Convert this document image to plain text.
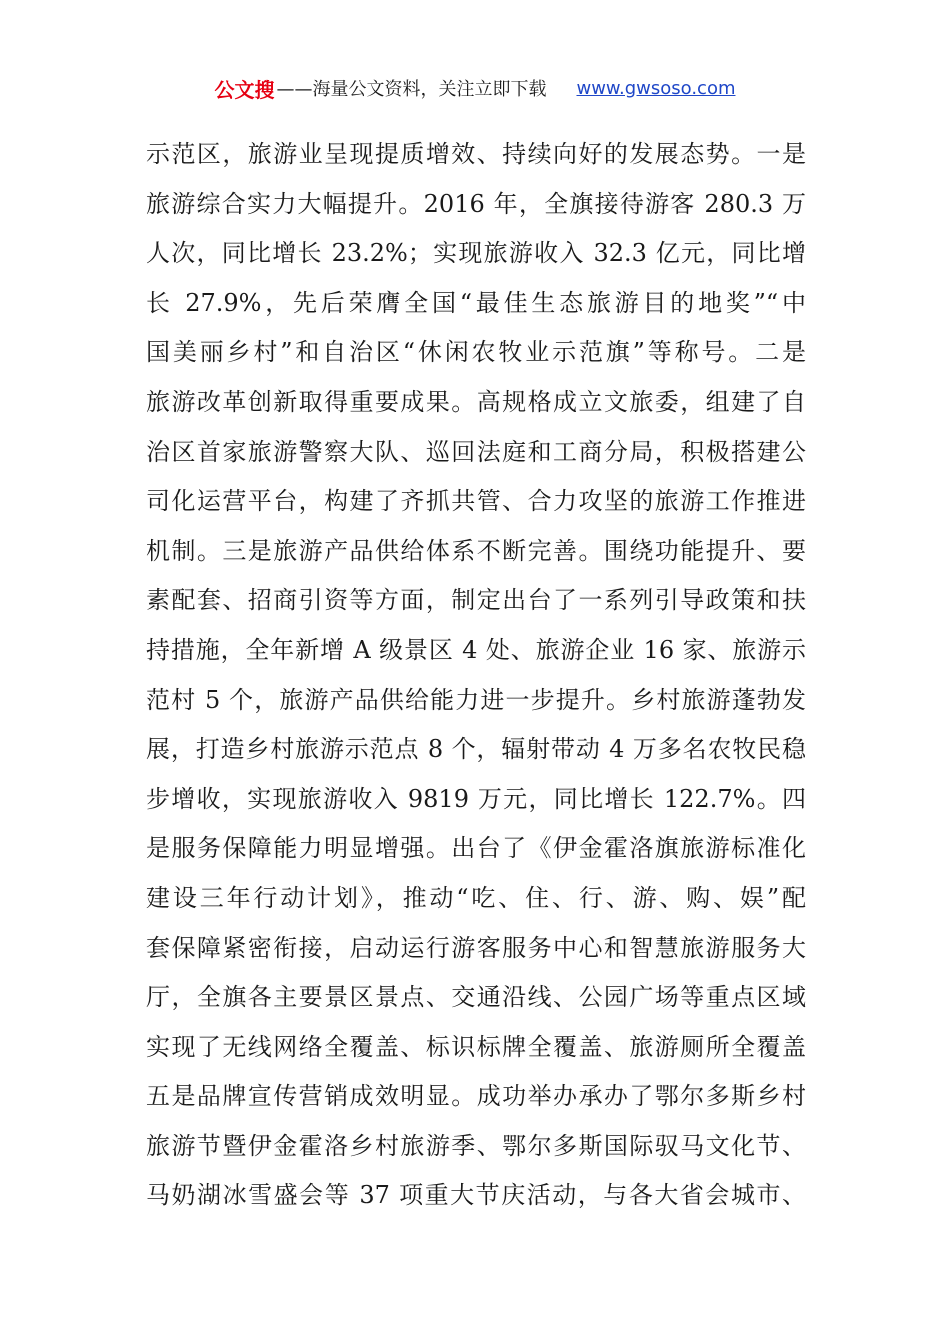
公文搜 ——海量公文资料，关注立即下载 www.gwsoso.com
示范区，旅游业呈现提质增效、持续向好的发展态势。一是
旅游综合实力大幅提升。2016 年，全旗接待游客 280.3 万
人次，同比增长 23.2%；实现旅游收入 32.3 亿元，同比增
长 27.9%，先后荣膺全国“最佳生态旅游目的地奖”“中
国美丽乡村”和自治区“休闲农牧业示范旗”等称号。二是
旅游改革创新取得重要成果。高规格成立文旅委，组建了自
治区首家旅游警察大队、巡回法庭和工商分局，积极搭建公
司化运营平台，构建了齐抓共管、合力攻坚的旅游工作推进
机制。三是旅游产品供给体系不断完善。围绕功能提升、要
素配套、招商引资等方面，制定出台了一系列引导政策和扶
持措施，全年新增 A 级景区 4 处、旅游企业 16 家、旅游示
范村 5 个，旅游产品供给能力进一步提升。乡村旅游蓬勃发
展，打造乡村旅游示范点 8 个，辐射带动 4 万多名农牧民稳
步增收，实现旅游收入 9819 万元，同比增长 122.7%。四
是服务保障能力明显增强。出台了《伊金霍洛旗旅游标准化
建设三年行动计划》，推动“吃、住、行、游、购、娱”配
套保障紧密衔接，启动运行游客服务中心和智慧旅游服务大
厅，全旗各主要景区景点、交通沿线、公园广场等重点区域
实现了无线网络全覆盖、标识标牌全覆盖、旅游厕所全覆盖
五是品牌宣传营销成效明显。成功举办承办了鄂尔多斯乡村
旅游节暨伊金霍洛乡村旅游季、鄂尔多斯国际驭马文化节、
马奶湖冰雪盛会等 37 项重大节庆活动，与各大省会城市、
